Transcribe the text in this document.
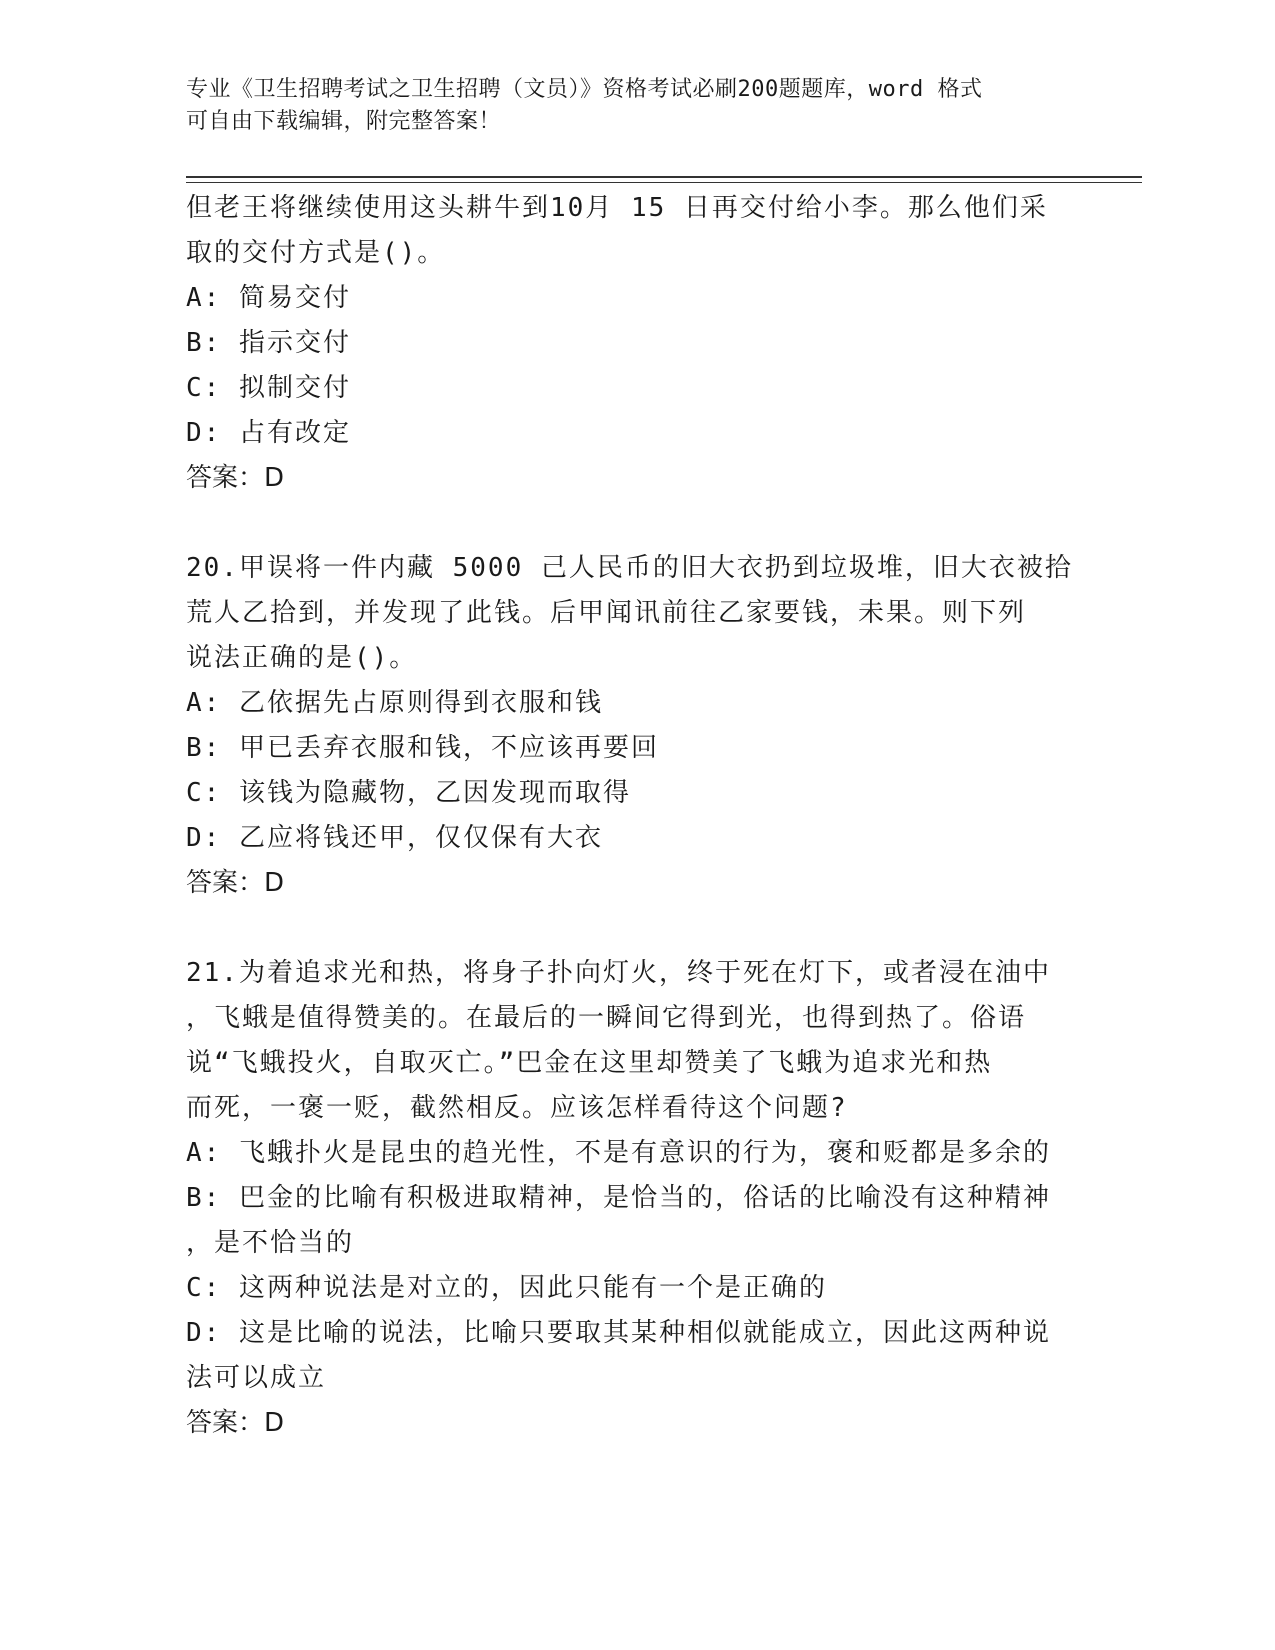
专业《卫生招聘考试之卫生招聘（文员）》资格考试必刷200题题库，word 格式
可自由下载编辑，附完整答案！

但老王将继续使用这头耕牛到10月 15 日再交付给小李。那么他们采

取的交付方式是()。

A: 简易交付

B: 指示交付

C: 拟制交付

D: 占有改定

答案：D

20.甲误将一件内藏 5000 己人民币的旧大衣扔到垃圾堆，旧大衣被拾

荒人乙拾到，并发现了此钱。后甲闻讯前往乙家要钱，未果。则下列

说法正确的是()。

A: 乙依据先占原则得到衣服和钱

B: 甲已丢弃衣服和钱，不应该再要回

C: 该钱为隐藏物，乙因发现而取得

D: 乙应将钱还甲，仅仅保有大衣

答案：D

21.为着追求光和热，将身子扑向灯火，终于死在灯下，或者浸在油中

，飞蛾是值得赞美的。在最后的一瞬间它得到光，也得到热了。俗语

说“飞蛾投火，自取灭亡。”巴金在这里却赞美了飞蛾为追求光和热

而死，一褒一贬，截然相反。应该怎样看待这个问题?

A: 飞蛾扑火是昆虫的趋光性，不是有意识的行为，褒和贬都是多余的

B: 巴金的比喻有积极进取精神，是恰当的，俗话的比喻没有这种精神

，是不恰当的

C: 这两种说法是对立的，因此只能有一个是正确的

D: 这是比喻的说法，比喻只要取其某种相似就能成立，因此这两种说

法可以成立

答案：D
